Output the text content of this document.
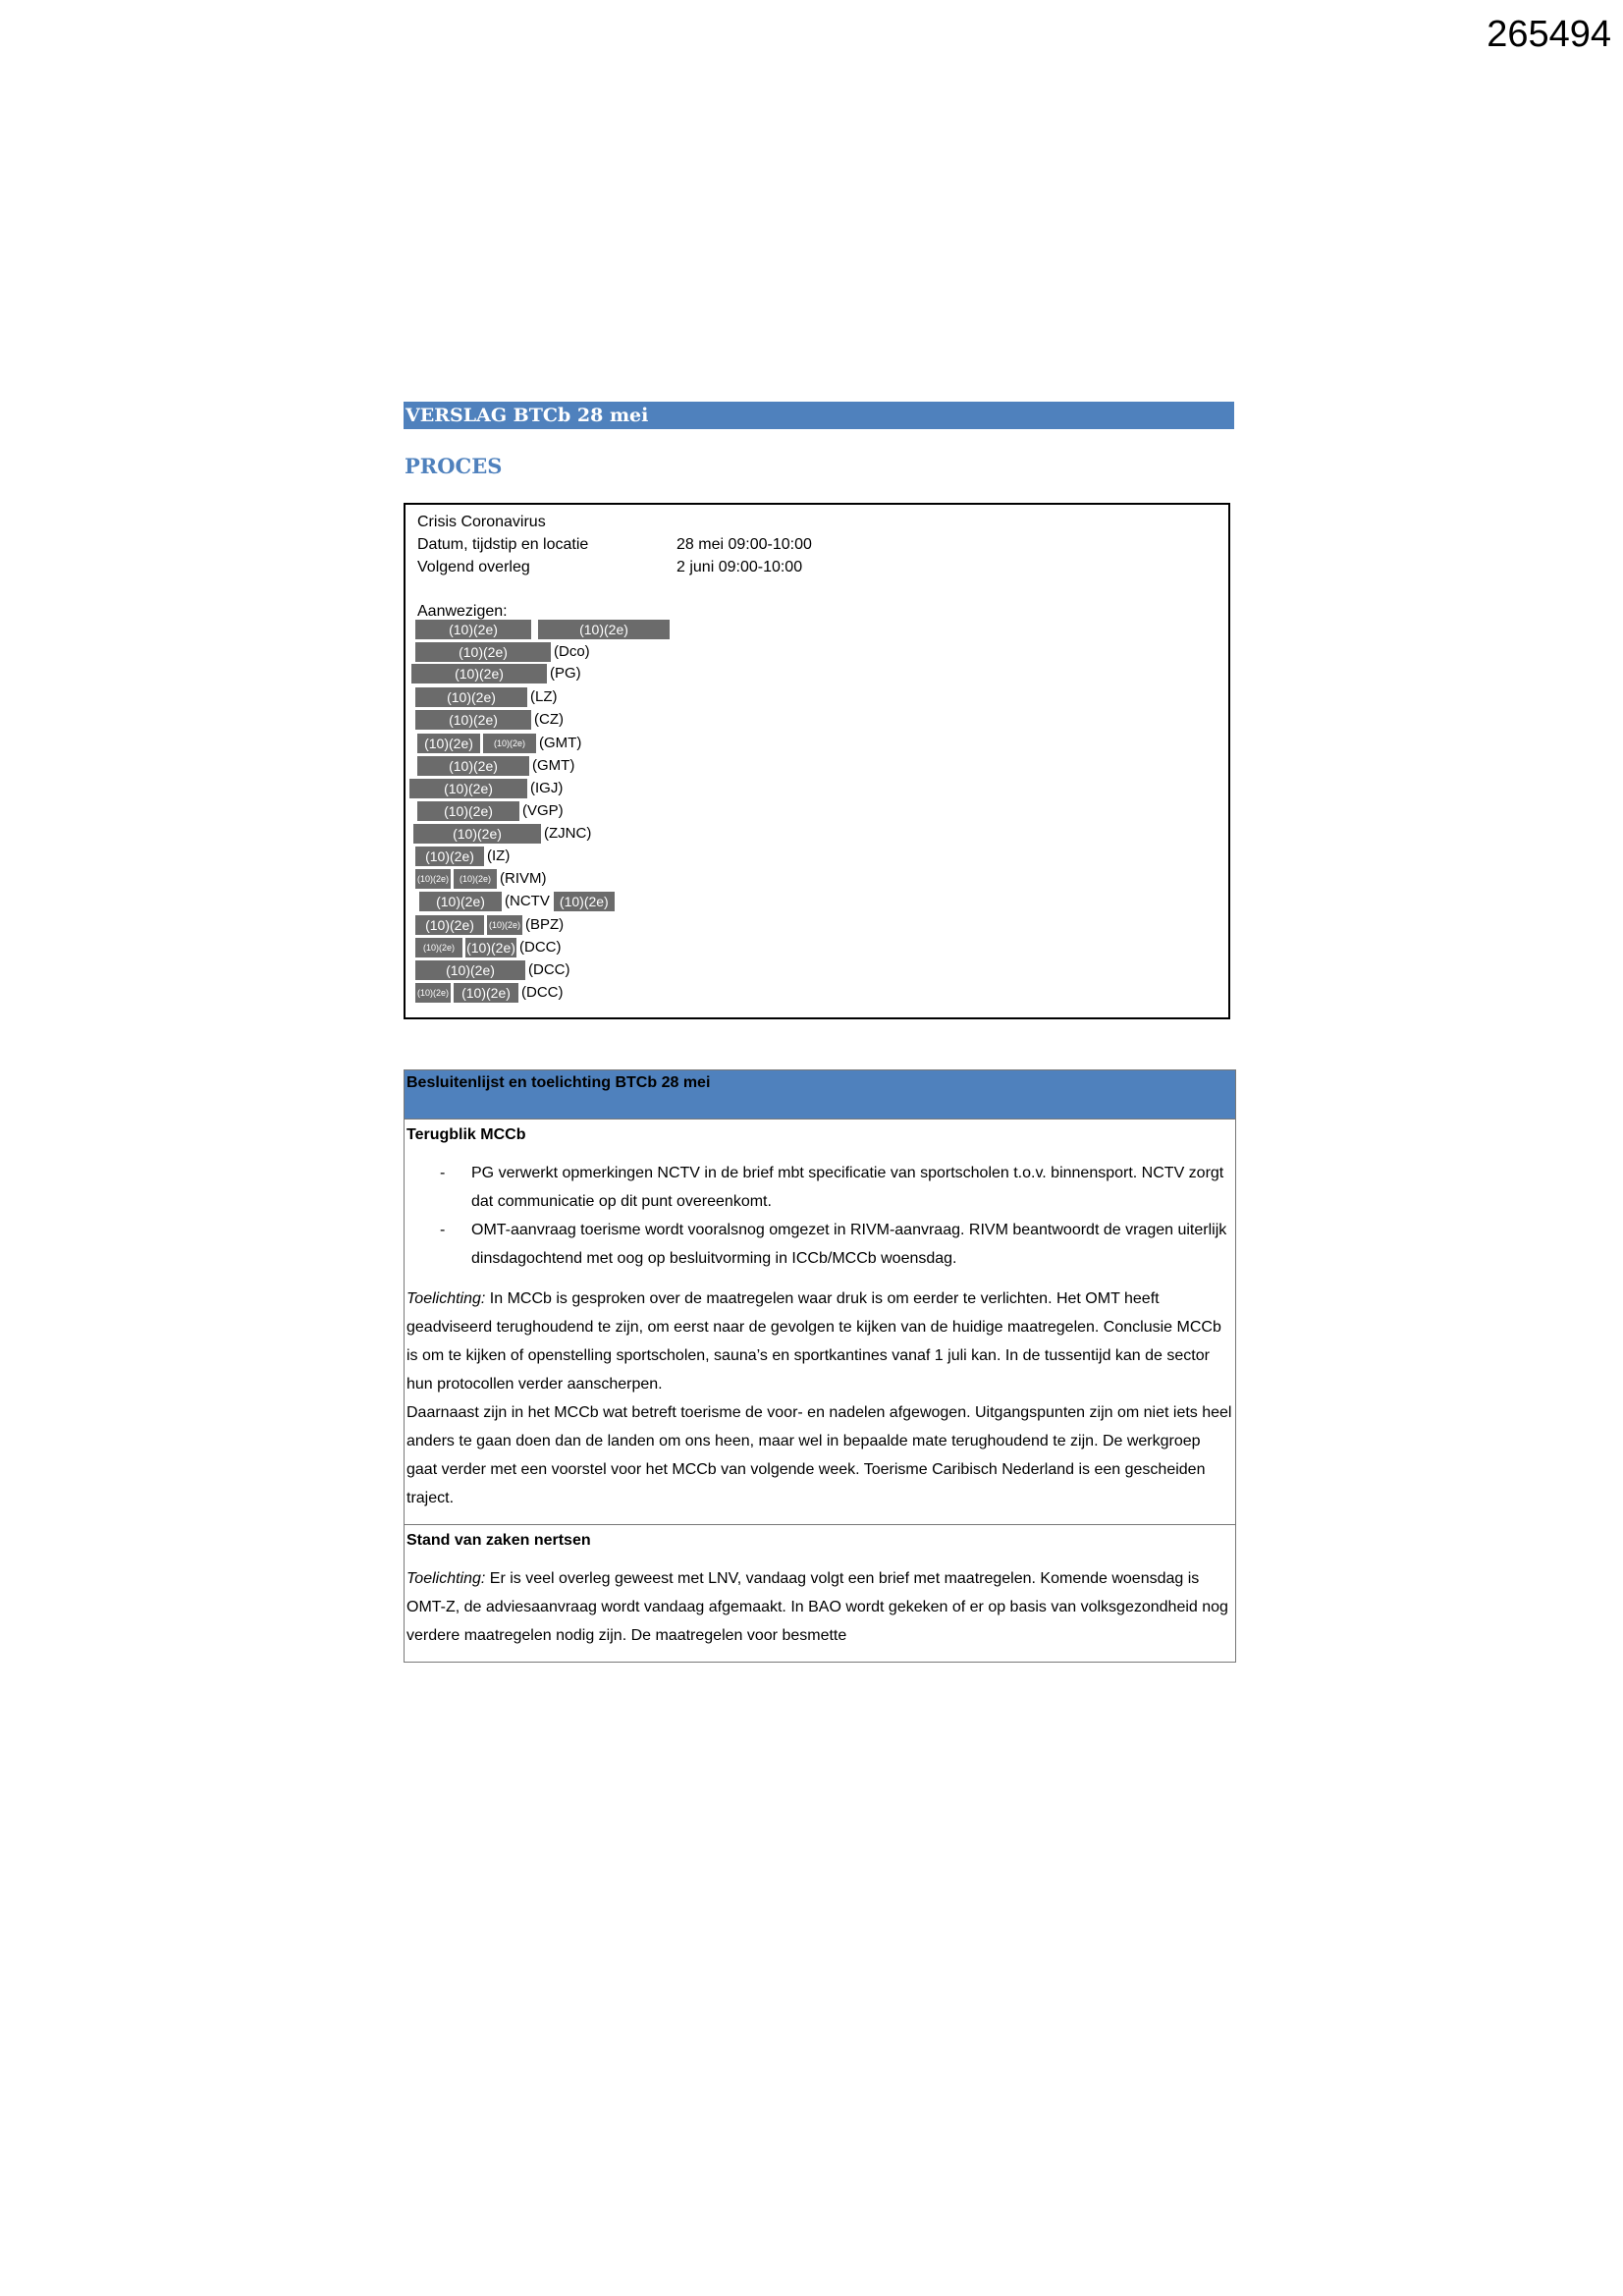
265494
VERSLAG BTCb 28 mei
PROCES
Crisis Coronavirus
Datum, tijdstip en locatie	28 mei 09:00-10:00
Volgend overleg	2 juni 09:00-10:00
Aanwezigen:
(10)(2e)	(10)(2e)
(10)(2e)	(Dco)
(10)(2e)	(PG)
(10)(2e) (LZ)
(10)(2e) (CZ)
(10)(2e) (10)(2e) (GMT)
(10)(2e) (GMT)
(10)(2e)	(IGJ)
(10)(2e) (VGP)
(10)(2e)	(ZJNC)
(10)(2e) (IZ)
(10)(2e) (10)(2e) (RIVM)
(10)(2e) (NCTV (10)(2e)
(10)(2e) (10)(2e) (BPZ)
(10)(2e) (10)(2e) (DCC)
(10)(2e) (DCC)
(10)(2e) (10)(2e) (DCC)
Besluitenlijst en toelichting BTCb 28 mei
Terugblik MCCb
- PG verwerkt opmerkingen NCTV in de brief mbt specificatie van sportscholen t.o.v. binnensport. NCTV zorgt dat communicatie op dit punt overeenkomt.
- OMT-aanvraag toerisme wordt vooralsnog omgezet in RIVM-aanvraag. RIVM beantwoordt de vragen uiterlijk dinsdagochtend met oog op besluitvorming in ICCb/MCCb woensdag.

Toelichting: In MCCb is gesproken over de maatregelen waar druk is om eerder te verlichten. Het OMT heeft geadviseerd terughoudend te zijn, om eerst naar de gevolgen te kijken van de huidige maatregelen. Conclusie MCCb is om te kijken of openstelling sportscholen, sauna’s en sportkantines vanaf 1 juli kan. In de tussentijd kan de sector hun protocollen verder aanscherpen.

Daarnaast zijn in het MCCb wat betreft toerisme de voor- en nadelen afgewogen. Uitgangspunten zijn om niet iets heel anders te gaan doen dan de landen om ons heen, maar wel in bepaalde mate terughoudend te zijn. De werkgroep gaat verder met een voorstel voor het MCCb van volgende week. Toerisme Caribisch Nederland is een gescheiden traject.

Stand van zaken nertsen

Toelichting: Er is veel overleg geweest met LNV, vandaag volgt een brief met maatregelen. Komende woensdag is OMT-Z, de adviesaanvraag wordt vandaag afgemaakt. In BAO wordt gekeken of er op basis van volksgezondheid nog verdere maatregelen nodig zijn. De maatregelen voor besmette
